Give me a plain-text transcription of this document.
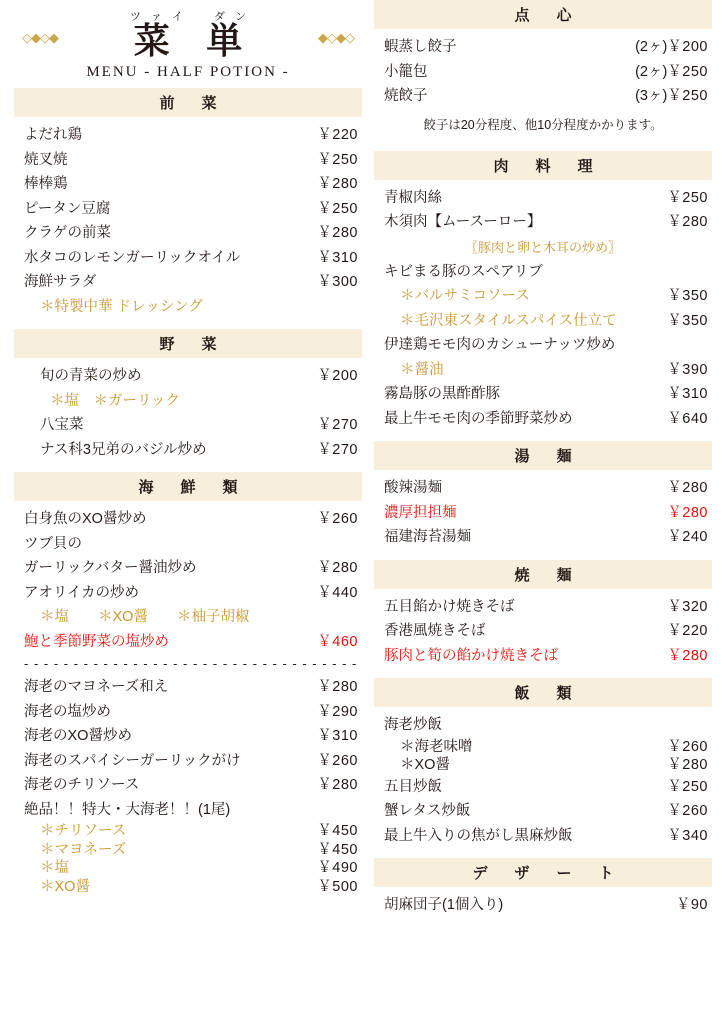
◇◆◇◆	◆◇◆◇

ツァイ　ダン

菜 単

MENU - HALF POTION -

前　菜
よだれ鶏	￥220
焼叉焼	￥250
棒棒鶏	￥280
ピータン豆腐	￥250
クラゲの前菜	￥280
水タコのレモンガーリックオイル	￥310
海鮮サラダ	￥300
＊特製中華 ドレッシング
野　菜
旬の青菜の炒め	￥200
＊塩　＊ガーリック
八宝菜	￥270
ナス科3兄弟のバジル炒め	￥270
海　鮮　類
白身魚のXO醤炒め	￥260
ツブ貝の
ガーリックバター醤油炒め	￥280
アオリイカの炒め	￥440
＊塩　　＊XO醤　　＊柚子胡椒
鮑と季節野菜の塩炒め	￥460
- - - - - - - - - - - - - - - - - - - - - - - - - - - - - - - - - -
海老のマヨネーズ和え	￥280
海老の塩炒め	￥290
海老のXO醤炒め	￥310
海老のスパイシーガーリックがけ	￥260
海老のチリソース	￥280
絶品！！特大・大海老！！(1尾)
＊チリソース	￥450
＊マヨネーズ	￥450
＊塩	￥490
＊XO醤	￥500
点　心
蝦蒸し餃子	(2ヶ) ￥200
小籠包	(2ヶ) ￥250
焼餃子	(3ヶ) ￥250
餃子は20分程度、他10分程度かかります。
肉　料　理
青椒肉絲	￥250
木須肉【ムースーロー】	￥280
〖豚肉と卵と木耳の炒め〗
キビまる豚のスペアリブ
＊バルサミコソース	￥350
＊毛沢東スタイルスパイス仕立て	￥350
伊達鶏モモ肉のカシューナッツ炒め
＊醤油	￥390
霧島豚の黒酢酢豚	￥310
最上牛モモ肉の季節野菜炒め	￥640
湯　麺
酸辣湯麺	￥280
濃厚担担麺	￥280
福建海苔湯麺	￥240
焼　麺
五目餡かけ焼きそば	￥320
香港風焼きそば	￥220
豚肉と筍の餡かけ焼きそば	￥280
飯　類
海老炒飯
＊海老味噌	￥260
＊XO醤	￥280
五目炒飯	￥250
蟹レタス炒飯	￥260
最上牛入りの焦がし黒麻炒飯	￥340
デ　ザ　ー　ト
胡麻団子(1個入り)	￥90
